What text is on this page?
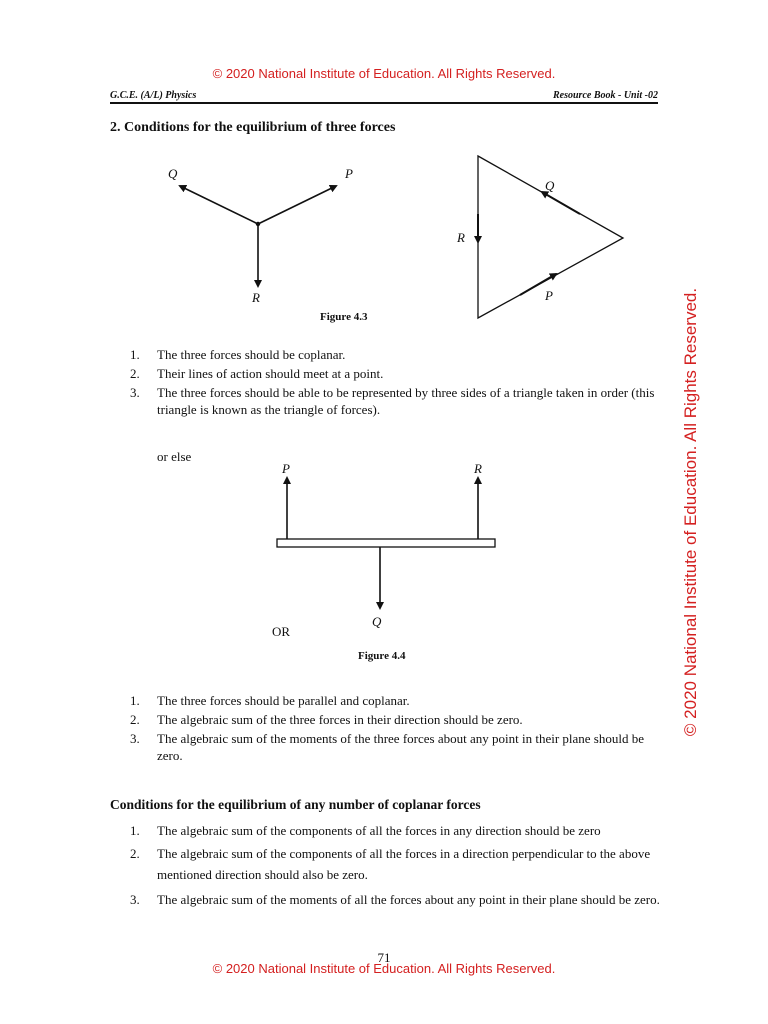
© 2020 National Institute of Education. All Rights Reserved.
G.C.E. (A/L) Physics	Resource Book - Unit -02
2. Conditions for the equilibrium of three forces
Q	P
R
Q
R
P
Figure 4.3
1. The three forces should be coplanar.
2. Their lines of action should meet at a point.
3. The three forces should be able to be represented by three sides of a triangle taken in order (this triangle is known as the triangle of forces).
or else
P	R
Q
OR
Figure 4.4
1. The three forces should be parallel and coplanar.
2. The algebraic sum of the three forces in their direction should be zero.
3. The algebraic sum of the moments of the three forces about any point in their plane should be zero.
Conditions for the equilibrium of any number of coplanar forces
1. The algebraic sum of the components of all the forces in any direction should be zero
2. The algebraic sum of the components of all the forces in a direction perpendicular to the above mentioned direction should also be zero.
3. The algebraic sum of the moments of all the forces about any point in their plane should be zero.
71
© 2020 National Institute of Education. All Rights Reserved.
© 2020 National Institute of Education. All Rights Reserved.
